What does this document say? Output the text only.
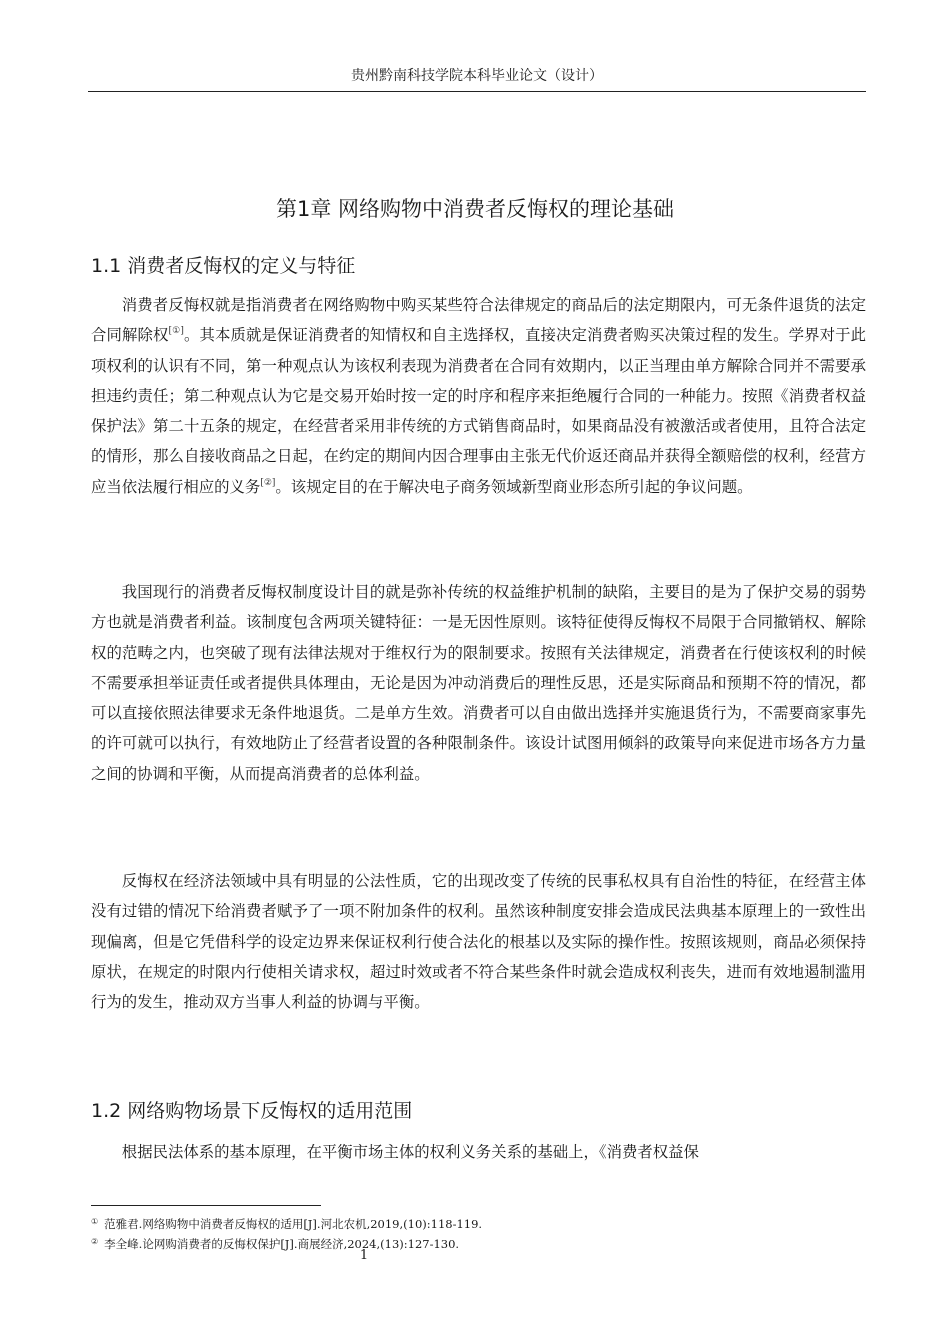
贵州黔南科技学院本科毕业论文（设计）
第1章 网络购物中消费者反悔权的理论基础
1.1 消费者反悔权的定义与特征

消费者反悔权就是指消费者在网络购物中购买某些符合法律规定的商品后的法定期限内，可无条件退货的法定合同解除权[①]。其本质就是保证消费者的知情权和自主选择权，直接决定消费者购买决策过程的发生。学界对于此项权利的认识有不同，第一种观点认为该权利表现为消费者在合同有效期内，以正当理由单方解除合同并不需要承担违约责任；第二种观点认为它是交易开始时按一定的时序和程序来拒绝履行合同的一种能力。按照《消费者权益保护法》第二十五条的规定，在经营者采用非传统的方式销售商品时，如果商品没有被激活或者使用，且符合法定的情形，那么自接收商品之日起，在约定的期间内因合理事由主张无代价返还商品并获得全额赔偿的权利，经营方应当依法履行相应的义务[②]。该规定目的在于解决电子商务领域新型商业形态所引起的争议问题。

我国现行的消费者反悔权制度设计目的就是弥补传统的权益维护机制的缺陷，主要目的是为了保护交易的弱势方也就是消费者利益。该制度包含两项关键特征：一是无因性原则。该特征使得反悔权不局限于合同撤销权、解除权的范畴之内，也突破了现有法律法规对于维权行为的限制要求。按照有关法律规定，消费者在行使该权利的时候不需要承担举证责任或者提供具体理由，无论是因为冲动消费后的理性反思，还是实际商品和预期不符的情况，都可以直接依照法律要求无条件地退货。二是单方生效。消费者可以自由做出选择并实施退货行为，不需要商家事先的许可就可以执行，有效地防止了经营者设置的各种限制条件。该设计试图用倾斜的政策导向来促进市场各方力量之间的协调和平衡，从而提高消费者的总体利益。

反悔权在经济法领域中具有明显的公法性质，它的出现改变了传统的民事私权具有自治性的特征，在经营主体没有过错的情况下给消费者赋予了一项不附加条件的权利。虽然该种制度安排会造成民法典基本原理上的一致性出现偏离，但是它凭借科学的设定边界来保证权利行使合法化的根基以及实际的操作性。按照该规则，商品必须保持原状，在规定的时限内行使相关请求权，超过时效或者不符合某些条件时就会造成权利丧失，进而有效地遏制滥用行为的发生，推动双方当事人利益的协调与平衡。

1.2 网络购物场景下反悔权的适用范围

根据民法体系的基本原理，在平衡市场主体的权利义务关系的基础上，《消费者权益保

① 范雅君.网络购物中消费者反悔权的适用[J].河北农机,2019,(10):118-119.
② 李全峰.论网购消费者的反悔权保护[J].商展经济,2024,(13):127-130.
1
